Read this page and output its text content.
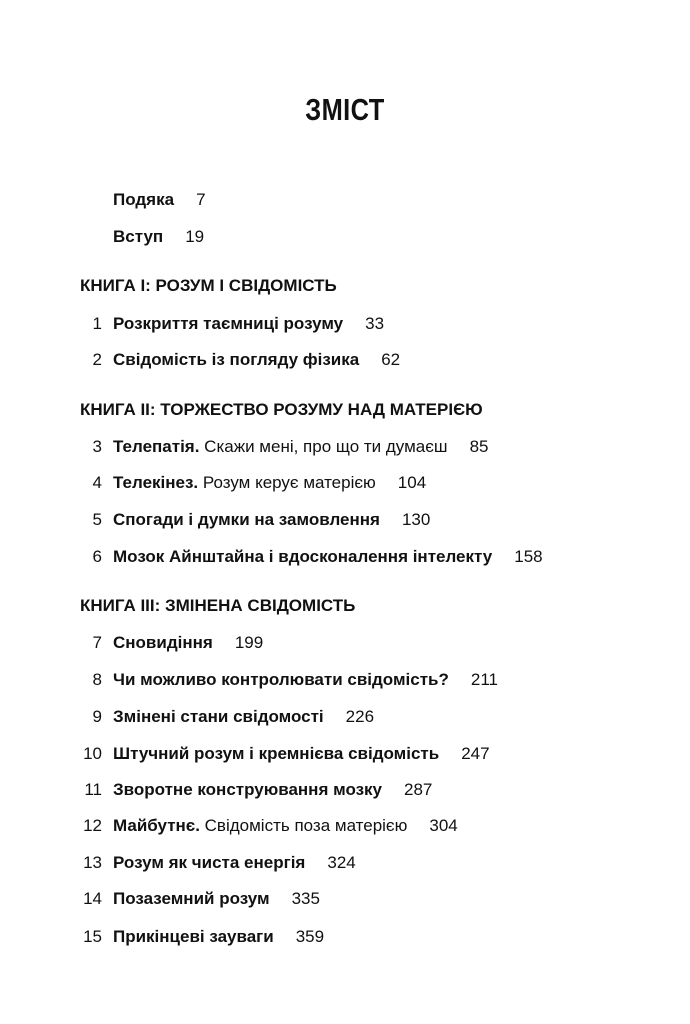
ЗМІСТ
Подяка 7
Вступ 19
КНИГА І: РОЗУМ І СВІДОМІСТЬ
1 Розкриття таємниці розуму 33
2 Свідомість із погляду фізика 62
КНИГА ІІ: ТОРЖЕСТВО РОЗУМУ НАД МАТЕРІЄЮ
3 Телепатія. Скажи мені, про що ти думаєш 85
4 Телекінез. Розум керує матерією 104
5 Спогади і думки на замовлення 130
6 Мозок Айнштайна і вдосконалення інтелекту 158
КНИГА ІІІ: ЗМІНЕНА СВІДОМІСТЬ
7 Сновидіння 199
8 Чи можливо контролювати свідомість? 211
9 Змінені стани свідомості 226
10 Штучний розум і кремнієва свідомість 247
11 Зворотне конструювання мозку 287
12 Майбутнє. Свідомість поза матерією 304
13 Розум як чиста енергія 324
14 Позаземний розум 335
15 Прикінцеві зауваги 359
